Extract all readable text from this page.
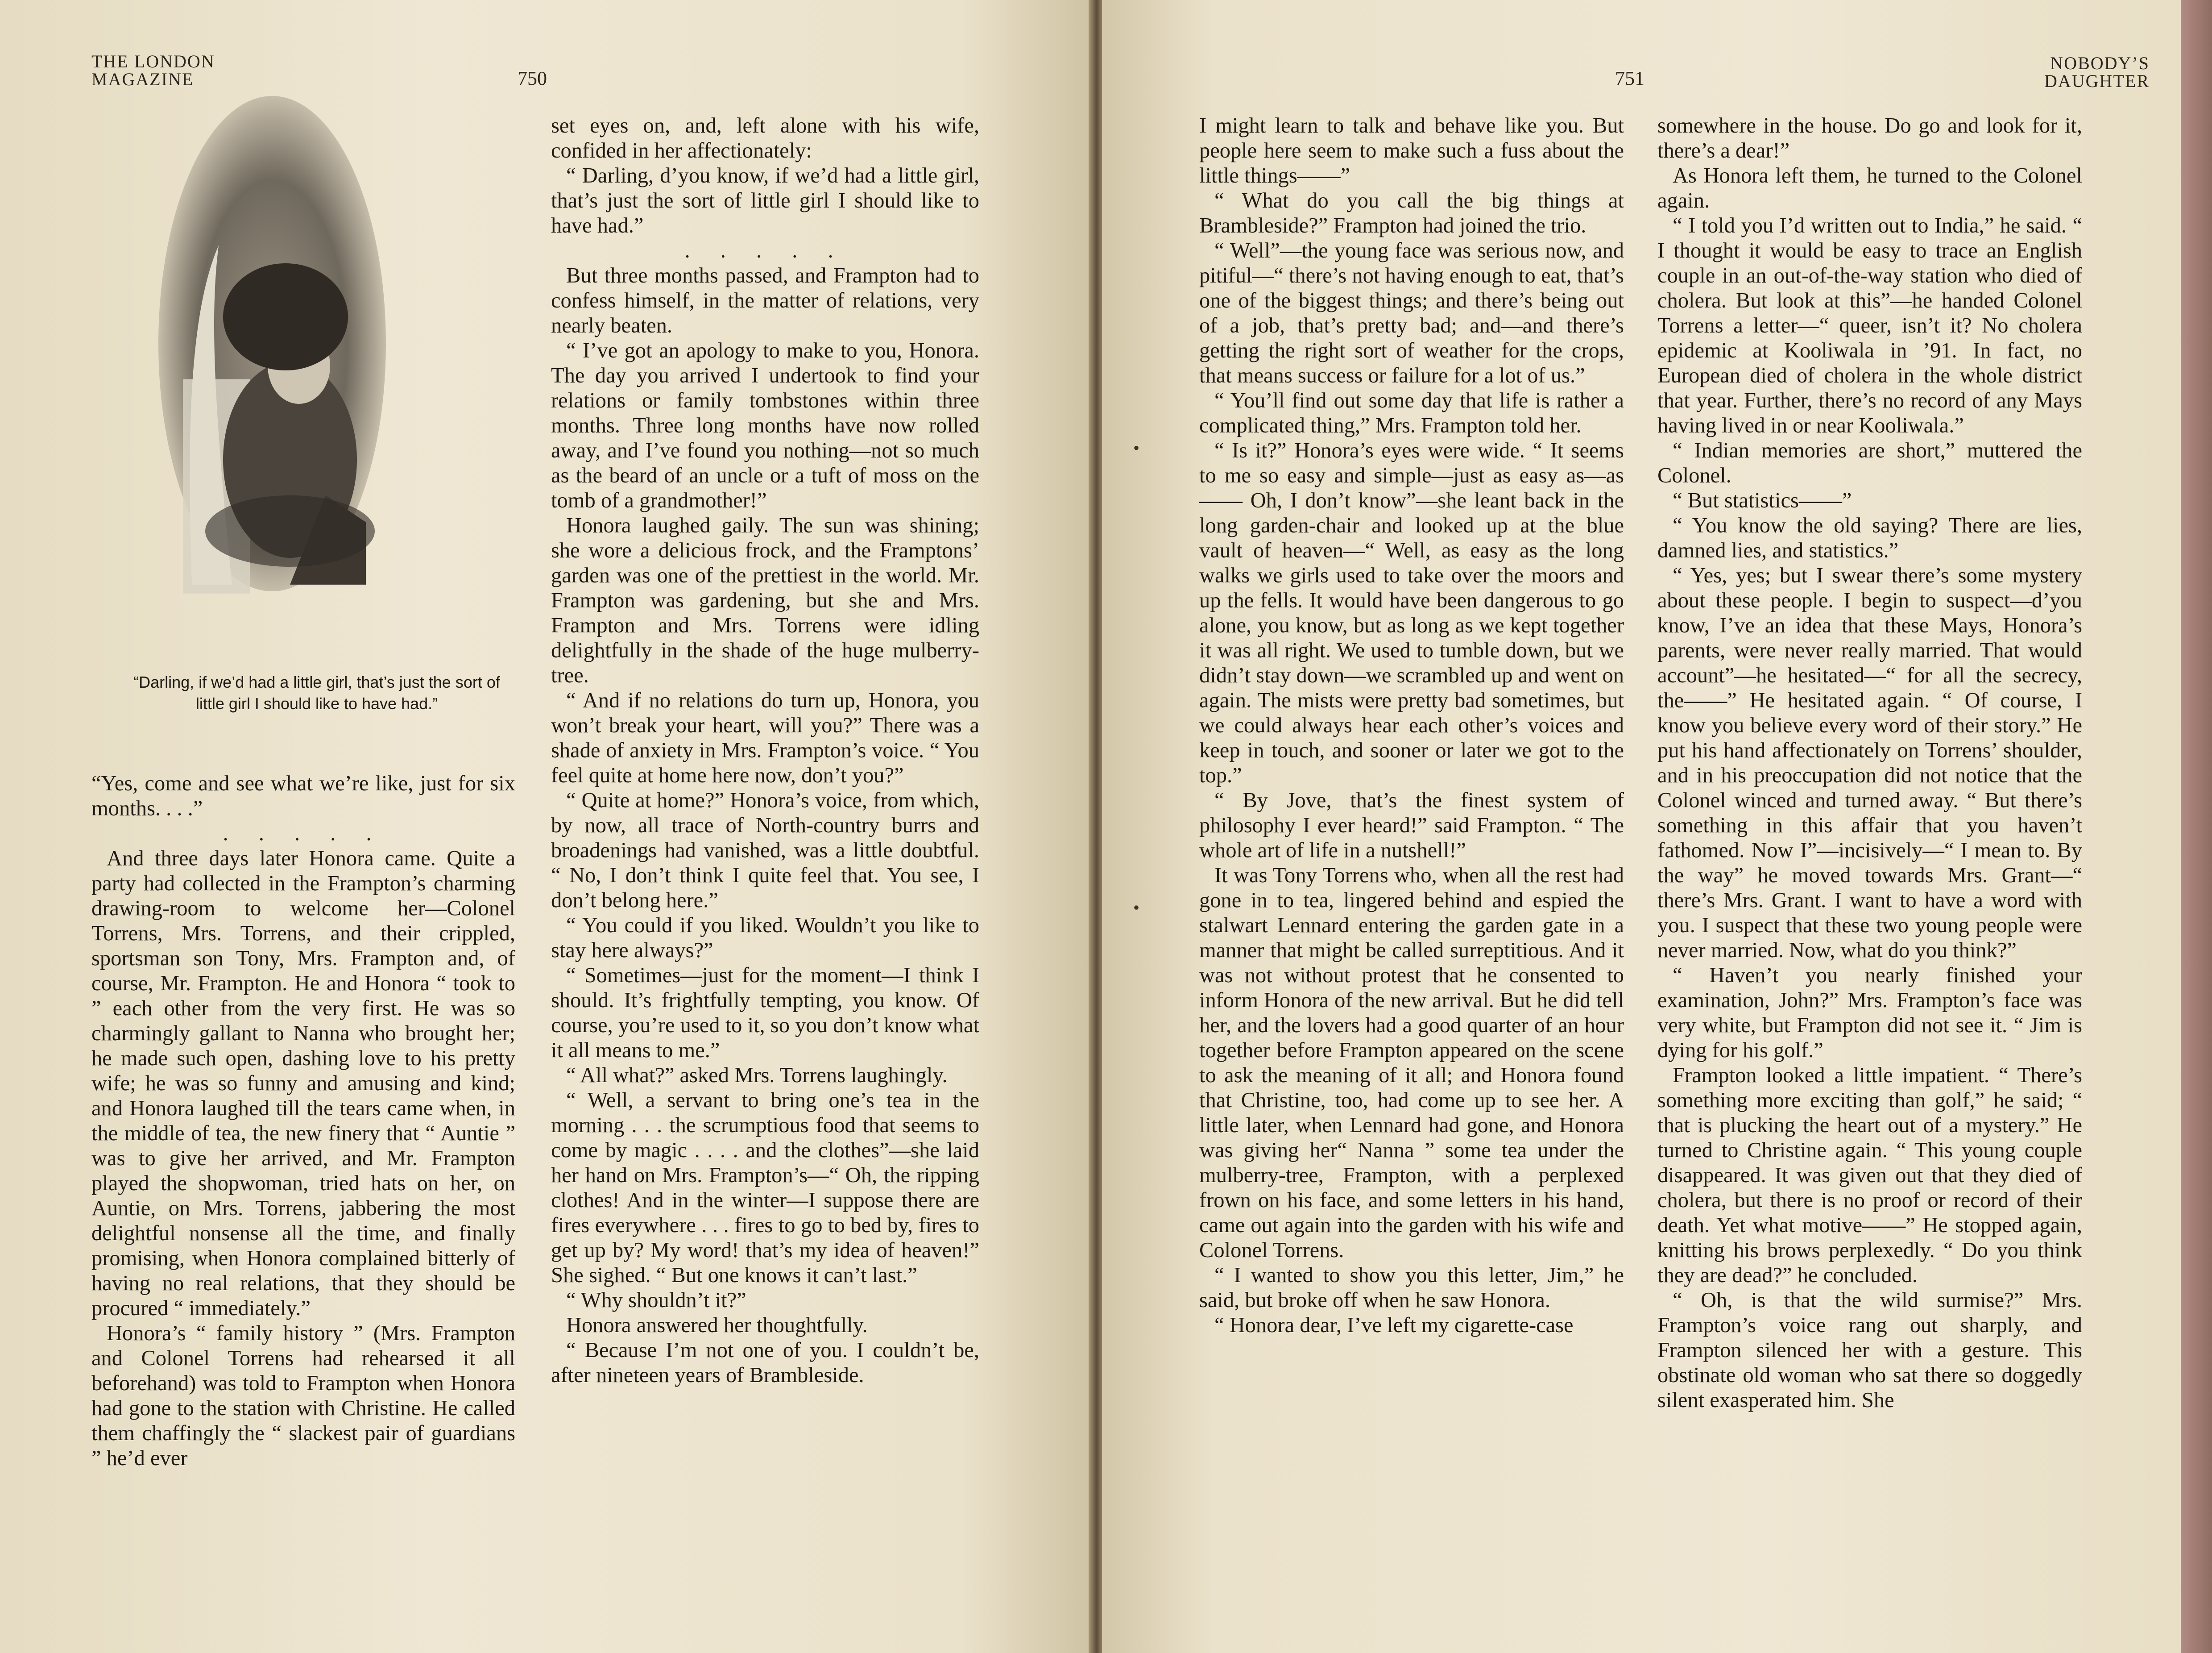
THE LONDON
MAGAZINE	750
“Darling, if we’d had a little girl, that’s just the sort of little girl I should like to have had.”

“Yes, come and see what we’re like, just for six months. . . .”

. . . . .

And three days later Honora came. Quite a party had collected in the Frampton’s charming drawing-room to welcome her—Colonel Torrens, Mrs. Torrens, and their crippled, sportsman son Tony, Mrs. Frampton and, of course, Mr. Frampton. He and Honora “ took to ” each other from the very first. He was so charmingly gallant to Nanna who brought her; he made such open, dashing love to his pretty wife; he was so funny and amusing and kind; and Honora laughed till the tears came when, in the middle of tea, the new finery that “ Auntie ” was to give her arrived, and Mr. Frampton played the shopwoman, tried hats on her, on Auntie, on Mrs. Torrens, jabbering the most delightful nonsense all the time, and finally promising, when Honora complained bitterly of having no real relations, that they should be procured “ immediately.”

Honora’s “ family history ” (Mrs. Frampton and Colonel Torrens had rehearsed it all beforehand) was told to Frampton when Honora had gone to the station with Christine. He called them chaffingly the “ slackest pair of guardians ” he’d ever

set eyes on, and, left alone with his wife, confided in her affectionately:

“ Darling, d’you know, if we’d had a little girl, that’s just the sort of little girl I should like to have had.”

. . . . .

But three months passed, and Frampton had to confess himself, in the matter of relations, very nearly beaten.

“ I’ve got an apology to make to you, Honora. The day you arrived I undertook to find your relations or family tombstones within three months. Three long months have now rolled away, and I’ve found you nothing—not so much as the beard of an uncle or a tuft of moss on the tomb of a grandmother!”

Honora laughed gaily. The sun was shining; she wore a delicious frock, and the Framptons’ garden was one of the prettiest in the world. Mr. Frampton was gardening, but she and Mrs. Frampton and Mrs. Torrens were idling delightfully in the shade of the huge mulberry-tree.

“ And if no relations do turn up, Honora, you won’t break your heart, will you?” There was a shade of anxiety in Mrs. Frampton’s voice. “ You feel quite at home here now, don’t you?”

“ Quite at home?” Honora’s voice, from which, by now, all trace of North-country burrs and broadenings had vanished, was a little doubtful. “ No, I don’t think I quite feel that. You see, I don’t belong here.”

“ You could if you liked. Wouldn’t you like to stay here always?”

“ Sometimes—just for the moment—I think I should. It’s frightfully tempting, you know. Of course, you’re used to it, so you don’t know what it all means to me.”

“ All what?” asked Mrs. Torrens laughingly.

“ Well, a servant to bring one’s tea in the morning . . . the scrumptious food that seems to come by magic . . . . and the clothes”—she laid her hand on Mrs. Frampton’s—“ Oh, the ripping clothes! And in the winter—I suppose there are fires everywhere . . . fires to go to bed by, fires to get up by? My word! that’s my idea of heaven!” She sighed. “ But one knows it can’t last.”

“ Why shouldn’t it?”

Honora answered her thoughtfully.

“ Because I’m not one of you. I couldn’t be, after nineteen years of Brambleside.

751
NOBODY’S
DAUGHTER

I might learn to talk and behave like you. But people here seem to make such a fuss about the little things——”

“ What do you call the big things at Brambleside?” Frampton had joined the trio.

“ Well”—the young face was serious now, and pitiful—“ there’s not having enough to eat, that’s one of the biggest things; and there’s being out of a job, that’s pretty bad; and—and there’s getting the right sort of weather for the crops, that means success or failure for a lot of us.”

“ You’ll find out some day that life is rather a complicated thing,” Mrs. Frampton told her.

“ Is it?” Honora’s eyes were wide. “ It seems to me so easy and simple—just as easy as—as—— Oh, I don’t know”—she leant back in the long garden-chair and looked up at the blue vault of heaven—“ Well, as easy as the long walks we girls used to take over the moors and up the fells. It would have been dangerous to go alone, you know, but as long as we kept together it was all right. We used to tumble down, but we didn’t stay down—we scrambled up and went on again. The mists were pretty bad sometimes, but we could always hear each other’s voices and keep in touch, and sooner or later we got to the top.”

“ By Jove, that’s the finest system of philosophy I ever heard!” said Frampton. “ The whole art of life in a nutshell!”

It was Tony Torrens who, when all the rest had gone in to tea, lingered behind and espied the stalwart Lennard entering the garden gate in a manner that might be called surreptitious. And it was not without protest that he consented to inform Honora of the new arrival. But he did tell her, and the lovers had a good quarter of an hour together before Frampton appeared on the scene to ask the meaning of it all; and Honora found that Christine, too, had come up to see her. A little later, when Lennard had gone, and Honora was giving her“ Nanna ” some tea under the mulberry-tree, Frampton, with a perplexed frown on his face, and some letters in his hand, came out again into the garden with his wife and Colonel Torrens.

“ I wanted to show you this letter, Jim,” he said, but broke off when he saw Honora.

“ Honora dear, I’ve left my cigarette-case

somewhere in the house. Do go and look for it, there’s a dear!”

As Honora left them, he turned to the Colonel again.

“ I told you I’d written out to India,” he said. “ I thought it would be easy to trace an English couple in an out-of-the-way station who died of cholera. But look at this”—he handed Colonel Torrens a letter—“ queer, isn’t it? No cholera epidemic at Kooliwala in ’91. In fact, no European died of cholera in the whole district that year. Further, there’s no record of any Mays having lived in or near Kooliwala.”

“ Indian memories are short,” muttered the Colonel.

“ But statistics——”

“ You know the old saying? There are lies, damned lies, and statistics.”

“ Yes, yes; but I swear there’s some mystery about these people. I begin to suspect—d’you know, I’ve an idea that these Mays, Honora’s parents, were never really married. That would account”—he hesitated—“ for all the secrecy, the——” He hesitated again. “ Of course, I know you believe every word of their story.” He put his hand affectionately on Torrens’ shoulder, and in his preoccupation did not notice that the Colonel winced and turned away. “ But there’s something in this affair that you haven’t fathomed. Now I”—incisively—“ I mean to. By the way” he moved towards Mrs. Grant—“ there’s Mrs. Grant. I want to have a word with you. I suspect that these two young people were never married. Now, what do you think?”

“ Haven’t you nearly finished your examination, John?” Mrs. Frampton’s face was very white, but Frampton did not see it. “ Jim is dying for his golf.”

Frampton looked a little impatient. “ There’s something more exciting than golf,” he said; “ that is plucking the heart out of a mystery.” He turned to Christine again. “ This young couple disappeared. It was given out that they died of cholera, but there is no proof or record of their death. Yet what motive——” He stopped again, knitting his brows perplexedly. “ Do you think they are dead?” he concluded.

“ Oh, is that the wild surmise?” Mrs. Frampton’s voice rang out sharply, and Frampton silenced her with a gesture. This obstinate old woman who sat there so doggedly silent exasperated him. She

•
•
